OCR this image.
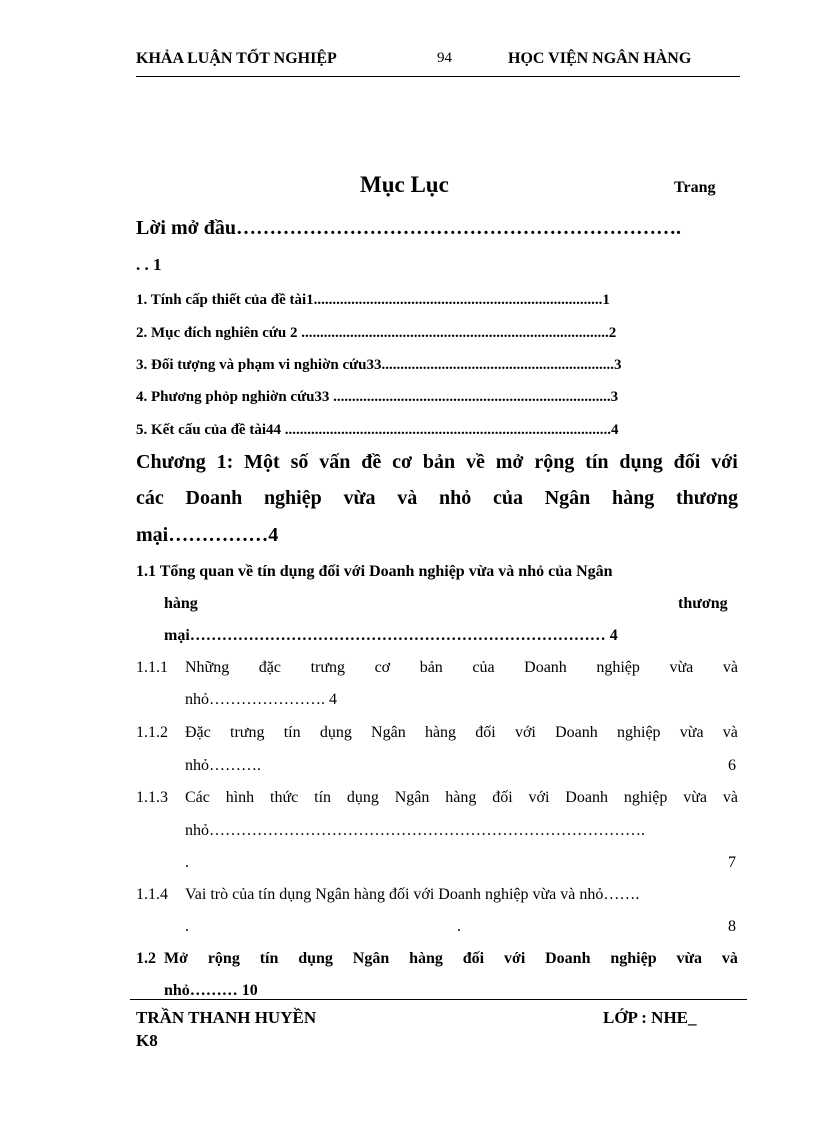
KHẢA LUẬN TỐT NGHIỆP	94	HỌC VIỆN NGÂN HÀNG
Mục Lục	Trang
Lời mở đầu………………………………………………………….
. . 1
1. Tính cấp thiết của đề tài1.............................................................................1
2. Mục đích nghiên cứu 2 ..................................................................................2
3. Đối tượng và phạm vi nghiờn cứu33..............................................................3
4. Phương phỏp nghiờn cứu33 ..........................................................................3
5. Kết cấu của đề tài44 .......................................................................................4
Chương 1: Một số vấn đề cơ bản về mở rộng tín dụng đối với
các Doanh nghiệp vừa và nhỏ của Ngân hàng thương
mại……………4
1.1 Tổng quan về tín dụng đối với Doanh nghiệp vừa và nhỏ của Ngân
hàng	thương
mại…………………………………………………………………… 4
1.1.1 Những đặc trưng cơ bản của Doanh nghiệp vừa và
nhỏ…………………. 4
1.1.2 Đặc trưng tín dụng Ngân hàng đối với Doanh nghiệp vừa và
nhỏ……….	6
1.1.3 Các hình thức tín dụng Ngân hàng đối với Doanh nghiệp vừa và
nhỏ……………………………………………………………………….
.	7
1.1.4 Vai trò của tín dụng Ngân hàng đối với Doanh nghiệp vừa và nhỏ…….
.	.	8
1.2 Mở rộng tín dụng Ngân hàng đối với Doanh nghiệp vừa và
nhỏ……… 10
TRẦN THANH HUYỀN	LỚP : NHE_
K8
